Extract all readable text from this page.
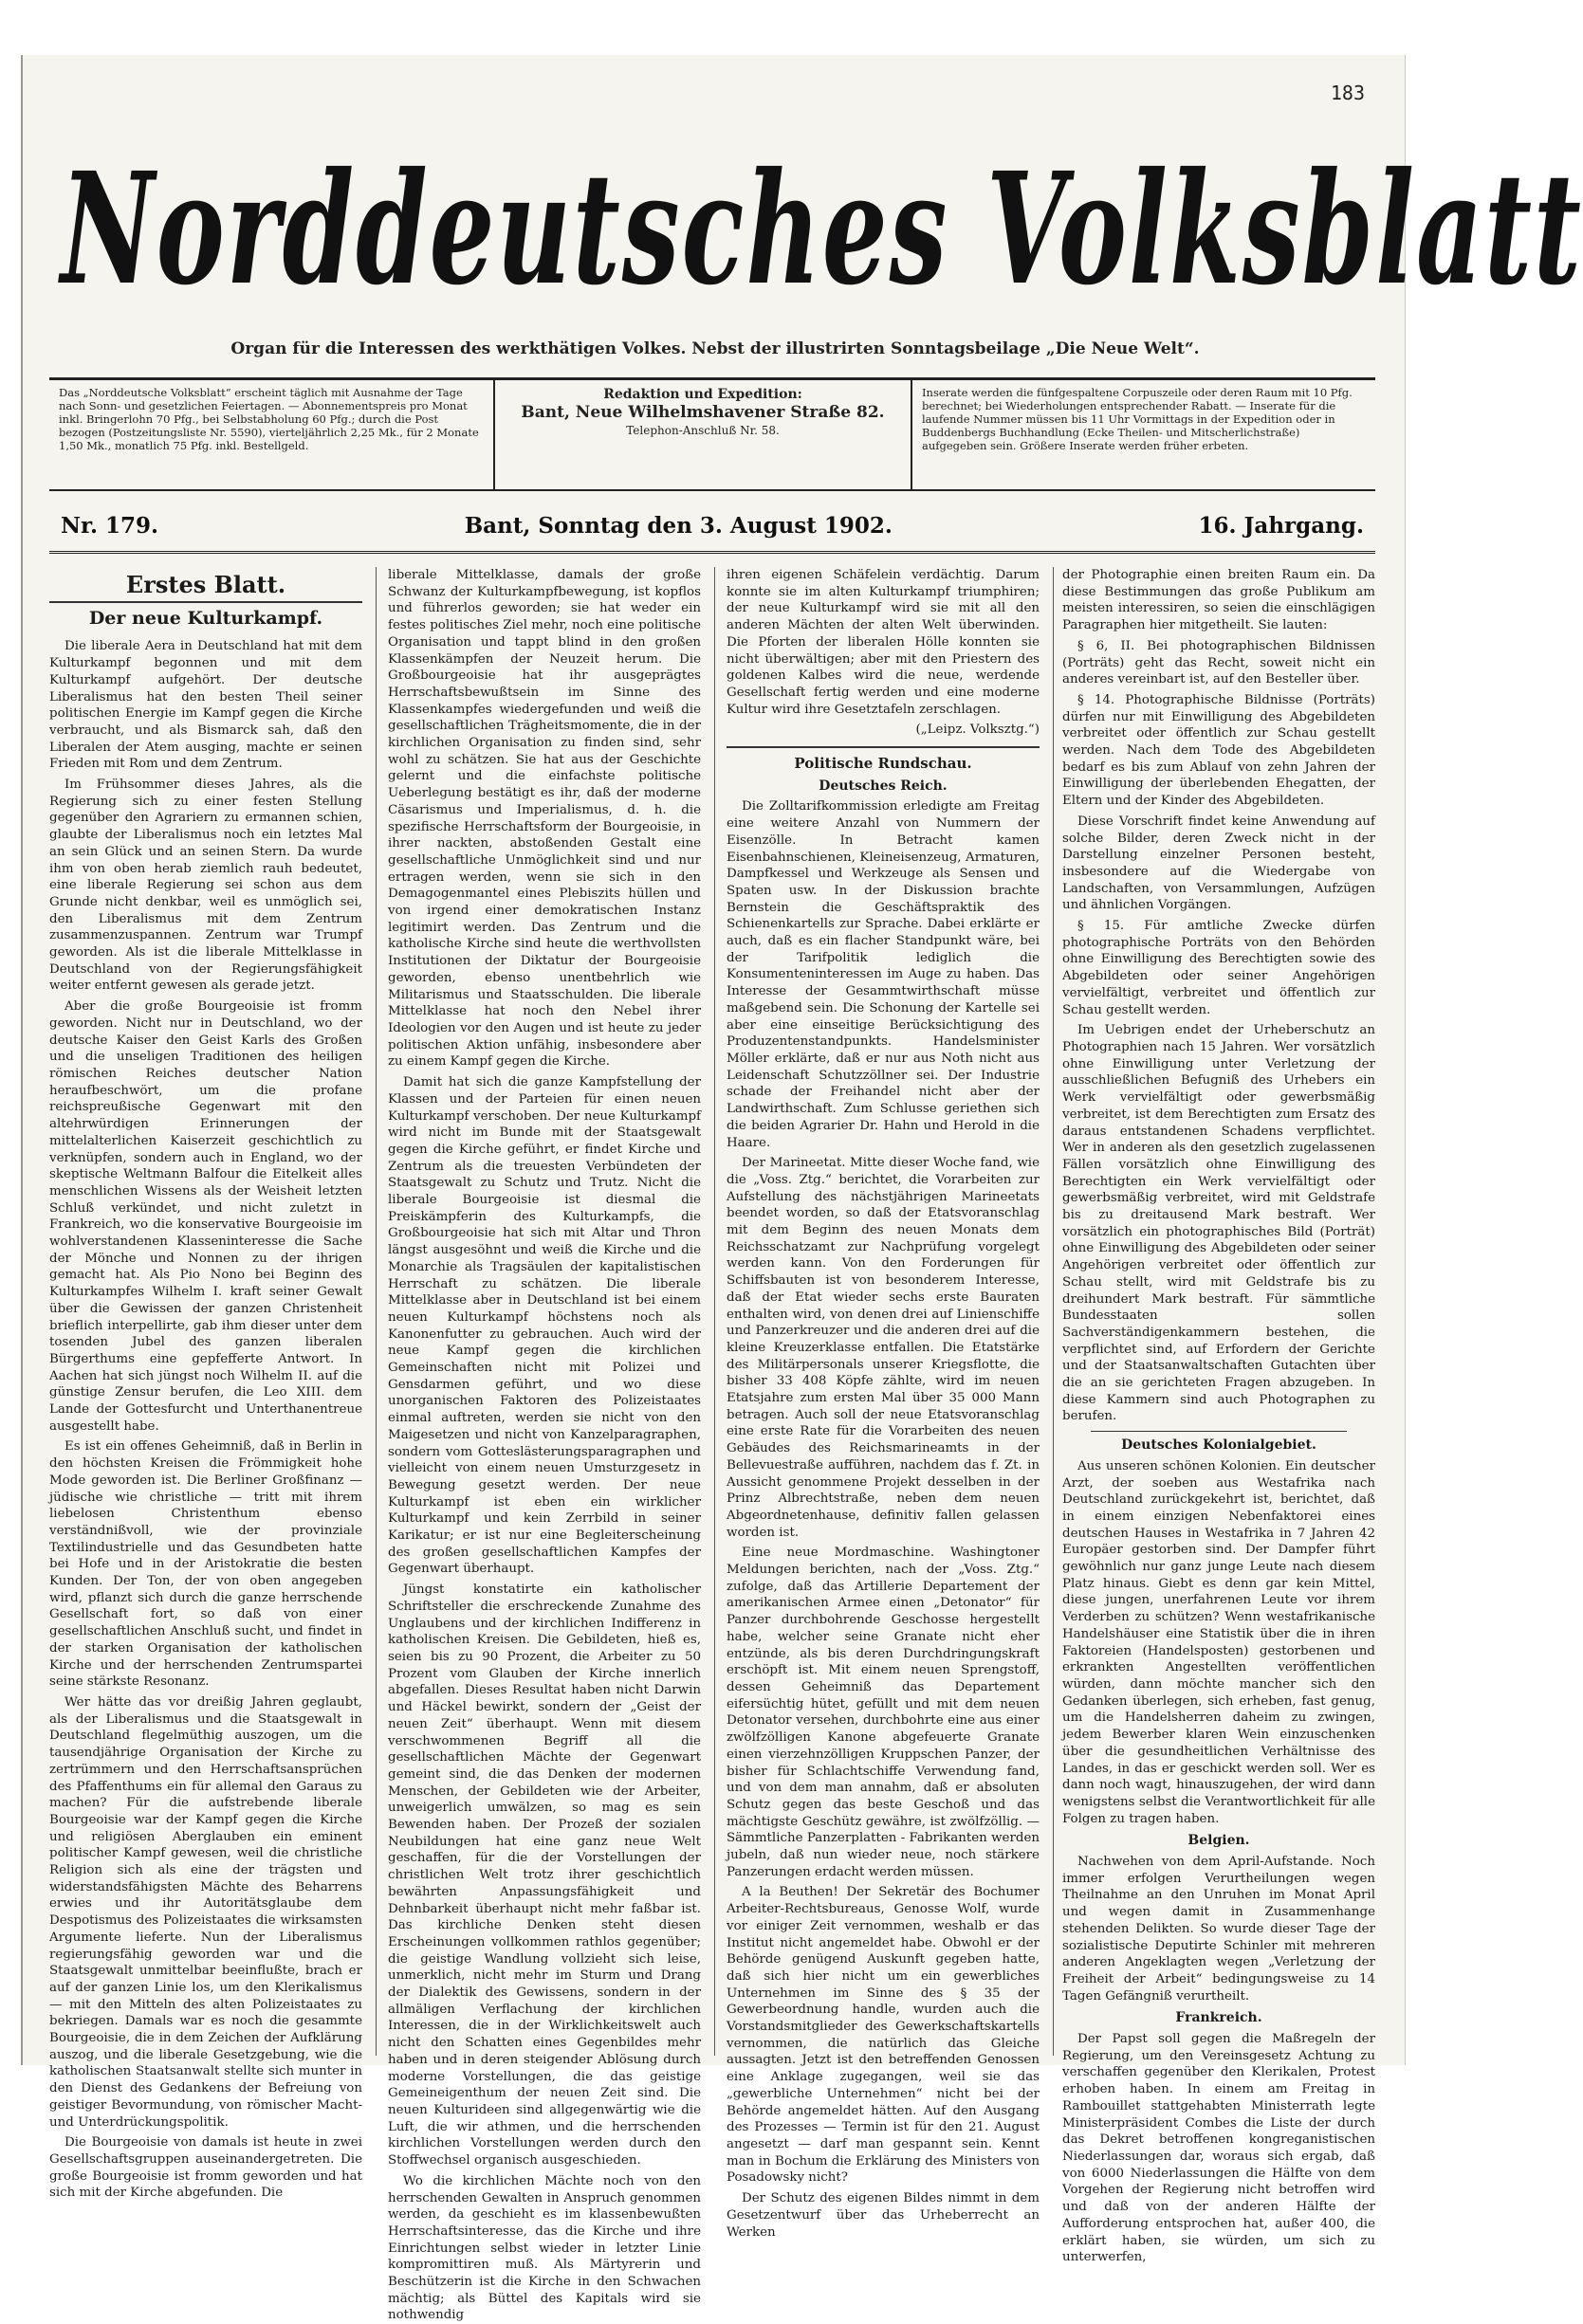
183
Norddeutsches Volksblatt
Organ für die Interessen des werkthätigen Volkes. Nebst der illustrirten Sonntagsbeilage „Die Neue Welt“.
Das „Norddeutsche Volksblatt“ erscheint täglich mit Ausnahme der Tage nach Sonn- und gesetzlichen Feiertagen. — Abonnementspreis pro Monat inkl. Bringerlohn 70 Pfg., bei Selbstabholung 60 Pfg.; durch die Post bezogen (Postzeitungsliste Nr. 5590), vierteljährlich 2,25 Mk., für 2 Monate 1,50 Mk., monatlich 75 Pfg. inkl. Bestellgeld.
Redaktion und Expedition:
Bant, Neue Wilhelmshavener Straße 82.
Telephon-Anschluß Nr. 58.
Inserate werden die fünfgespaltene Corpuszeile oder deren Raum mit 10 Pfg. berechnet; bei Wiederholungen entsprechender Rabatt. — Inserate für die laufende Nummer müssen bis 11 Uhr Vormittags in der Expedition oder in Buddenbergs Buchhandlung (Ecke Theilen- und Mitscherlichstraße) aufgegeben sein. Größere Inserate werden früher erbeten.
Nr. 179.	Bant, Sonntag den 3. August 1902.	16. Jahrgang.
Erstes Blatt.
Der neue Kulturkampf.

Die liberale Aera in Deutschland hat mit dem Kulturkampf begonnen und mit dem Kulturkampf aufgehört. Der deutsche Liberalismus hat den besten Theil seiner politischen Energie im Kampf gegen die Kirche verbraucht, und als Bismarck sah, daß den Liberalen der Atem ausging, machte er seinen Frieden mit Rom und dem Zentrum.

Im Frühsommer dieses Jahres, als die Regierung sich zu einer festen Stellung gegenüber den Agrariern zu ermannen schien, glaubte der Liberalismus noch ein letztes Mal an sein Glück und an seinen Stern. Da wurde ihm von oben herab ziemlich rauh bedeutet, eine liberale Regierung sei schon aus dem Grunde nicht denkbar, weil es unmöglich sei, den Liberalismus mit dem Zentrum zusammenzuspannen. Zentrum war Trumpf geworden. Als ist die liberale Mittelklasse in Deutschland von der Regierungsfähigkeit weiter entfernt gewesen als gerade jetzt.

Aber die große Bourgeoisie ist fromm geworden. Nicht nur in Deutschland, wo der deutsche Kaiser den Geist Karls des Großen und die unseligen Traditionen des heiligen römischen Reiches deutscher Nation heraufbeschwört, um die profane reichspreußische Gegenwart mit den altehrwürdigen Erinnerungen der mittelalterlichen Kaiserzeit geschichtlich zu verknüpfen, sondern auch in England, wo der skeptische Weltmann Balfour die Eitelkeit alles menschlichen Wissens als der Weisheit letzten Schluß verkündet, und nicht zuletzt in Frankreich, wo die konservative Bourgeoisie im wohlverstandenen Klasseninteresse die Sache der Mönche und Nonnen zu der ihrigen gemacht hat. Als Pio Nono bei Beginn des Kulturkampfes Wilhelm I. kraft seiner Gewalt über die Gewissen der ganzen Christenheit brieflich interpellirte, gab ihm dieser unter dem tosenden Jubel des ganzen liberalen Bürgerthums eine gepfefferte Antwort. In Aachen hat sich jüngst noch Wilhelm II. auf die günstige Zensur berufen, die Leo XIII. dem Lande der Gottesfurcht und Unterthanentreue ausgestellt habe.

Es ist ein offenes Geheimniß, daß in Berlin in den höchsten Kreisen die Frömmigkeit hohe Mode geworden ist. Die Berliner Großfinanz — jüdische wie christliche — tritt mit ihrem liebelosen Christenthum ebenso verständnißvoll, wie der provinziale Textilindustrielle und das Gesundbeten hatte bei Hofe und in der Aristokratie die besten Kunden. Der Ton, der von oben angegeben wird, pflanzt sich durch die ganze herrschende Gesellschaft fort, so daß von einer gesellschaftlichen Anschluß sucht, und findet in der starken Organisation der katholischen Kirche und der herrschenden Zentrumspartei seine stärkste Resonanz.

Wer hätte das vor dreißig Jahren geglaubt, als der Liberalismus und die Staatsgewalt in Deutschland flegelmüthig auszogen, um die tausendjährige Organisation der Kirche zu zertrümmern und den Herrschaftsansprüchen des Pfaffenthums ein für allemal den Garaus zu machen? Für die aufstrebende liberale Bourgeoisie war der Kampf gegen die Kirche und religiösen Aberglauben ein eminent politischer Kampf gewesen, weil die christliche Religion sich als eine der trägsten und widerstandsfähigsten Mächte des Beharrens erwies und ihr Autoritätsglaube dem Despotismus des Polizeistaates die wirksamsten Argumente lieferte. Nun der Liberalismus regierungsfähig geworden war und die Staatsgewalt unmittelbar beeinflußte, brach er auf der ganzen Linie los, um den Klerikalismus — mit den Mitteln des alten Polizeistaates zu bekriegen. Damals war es noch die gesammte Bourgeoisie, die in dem Zeichen der Aufklärung auszog, und die liberale Gesetzgebung, wie die katholischen Staatsanwalt stellte sich munter in den Dienst des Gedankens der Befreiung von geistiger Bevormundung, von römischer Macht- und Unterdrückungspolitik.

Die Bourgeoisie von damals ist heute in zwei Gesellschaftsgruppen auseinandergetreten. Die große Bourgeoisie ist fromm geworden und hat sich mit der Kirche abgefunden. Die

liberale Mittelklasse, damals der große Schwanz der Kulturkampfbewegung, ist kopflos und führerlos geworden; sie hat weder ein festes politisches Ziel mehr, noch eine politische Organisation und tappt blind in den großen Klassenkämpfen der Neuzeit herum. Die Großbourgeoisie hat ihr ausgeprägtes Herrschaftsbewußtsein im Sinne des Klassenkampfes wiedergefunden und weiß die gesellschaftlichen Trägheitsmomente, die in der kirchlichen Organisation zu finden sind, sehr wohl zu schätzen. Sie hat aus der Geschichte gelernt und die einfachste politische Ueberlegung bestätigt es ihr, daß der moderne Cäsarismus und Imperialismus, d. h. die spezifische Herrschaftsform der Bourgeoisie, in ihrer nackten, abstoßenden Gestalt eine gesellschaftliche Unmöglichkeit sind und nur ertragen werden, wenn sie sich in den Demagogenmantel eines Plebiszits hüllen und von irgend einer demokratischen Instanz legitimirt werden. Das Zentrum und die katholische Kirche sind heute die werthvollsten Institutionen der Diktatur der Bourgeoisie geworden, ebenso unentbehrlich wie Militarismus und Staatsschulden. Die liberale Mittelklasse hat noch den Nebel ihrer Ideologien vor den Augen und ist heute zu jeder politischen Aktion unfähig, insbesondere aber zu einem Kampf gegen die Kirche.

Damit hat sich die ganze Kampfstellung der Klassen und der Parteien für einen neuen Kulturkampf verschoben. Der neue Kulturkampf wird nicht im Bunde mit der Staatsgewalt gegen die Kirche geführt, er findet Kirche und Zentrum als die treuesten Verbündeten der Staatsgewalt zu Schutz und Trutz. Nicht die liberale Bourgeoisie ist diesmal die Preiskämpferin des Kulturkampfs, die Großbourgeoisie hat sich mit Altar und Thron längst ausgesöhnt und weiß die Kirche und die Monarchie als Tragsäulen der kapitalistischen Herrschaft zu schätzen. Die liberale Mittelklasse aber in Deutschland ist bei einem neuen Kulturkampf höchstens noch als Kanonenfutter zu gebrauchen. Auch wird der neue Kampf gegen die kirchlichen Gemeinschaften nicht mit Polizei und Gensdarmen geführt, und wo diese unorganischen Faktoren des Polizeistaates einmal auftreten, werden sie nicht von den Maigesetzen und nicht von Kanzelparagraphen, sondern vom Gotteslästerungsparagraphen und vielleicht von einem neuen Umsturzgesetz in Bewegung gesetzt werden. Der neue Kulturkampf ist eben ein wirklicher Kulturkampf und kein Zerrbild in seiner Karikatur; er ist nur eine Begleiterscheinung des großen gesellschaftlichen Kampfes der Gegenwart überhaupt.

Jüngst konstatirte ein katholischer Schriftsteller die erschreckende Zunahme des Unglaubens und der kirchlichen Indifferenz in katholischen Kreisen. Die Gebildeten, hieß es, seien bis zu 90 Prozent, die Arbeiter zu 50 Prozent vom Glauben der Kirche innerlich abgefallen. Dieses Resultat haben nicht Darwin und Häckel bewirkt, sondern der „Geist der neuen Zeit“ überhaupt. Wenn mit diesem verschwommenen Begriff all die gesellschaftlichen Mächte der Gegenwart gemeint sind, die das Denken der modernen Menschen, der Gebildeten wie der Arbeiter, unweigerlich umwälzen, so mag es sein Bewenden haben. Der Prozeß der sozialen Neubildungen hat eine ganz neue Welt geschaffen, für die der Vorstellungen der christlichen Welt trotz ihrer geschichtlich bewährten Anpassungsfähigkeit und Dehnbarkeit überhaupt nicht mehr faßbar ist. Das kirchliche Denken steht diesen Erscheinungen vollkommen rathlos gegenüber; die geistige Wandlung vollzieht sich leise, unmerklich, nicht mehr im Sturm und Drang der Dialektik des Gewissens, sondern in der allmäligen Verflachung der kirchlichen Interessen, die in der Wirklichkeitswelt auch nicht den Schatten eines Gegenbildes mehr haben und in deren steigender Ablösung durch moderne Vorstellungen, die das geistige Gemeineigenthum der neuen Zeit sind. Die neuen Kulturideen sind allgegenwärtig wie die Luft, die wir athmen, und die herrschenden kirchlichen Vorstellungen werden durch den Stoffwechsel organisch ausgeschieden.

Wo die kirchlichen Mächte noch von den herrschenden Gewalten in Anspruch genommen werden, da geschieht es im klassenbewußten Herrschaftsinteresse, das die Kirche und ihre Einrichtungen selbst wieder in letzter Linie kompromittiren muß. Als Märtyrerin und Beschützerin ist die Kirche in den Schwachen mächtig; als Büttel des Kapitals wird sie nothwendig

ihren eigenen Schäfelein verdächtig. Darum konnte sie im alten Kulturkampf triumphiren; der neue Kulturkampf wird sie mit all den anderen Mächten der alten Welt überwinden. Die Pforten der liberalen Hölle konnten sie nicht überwältigen; aber mit den Priestern des goldenen Kalbes wird die neue, werdende Gesellschaft fertig werden und eine moderne Kultur wird ihre Gesetztafeln zerschlagen.

(„Leipz. Volksztg.“)
Politische Rundschau.
Deutsches Reich.

Die Zolltarifkommission erledigte am Freitag eine weitere Anzahl von Nummern der Eisenzölle. In Betracht kamen Eisenbahnschienen, Kleineisenzeug, Armaturen, Dampfkessel und Werkzeuge als Sensen und Spaten usw. In der Diskussion brachte Bernstein die Geschäftspraktik des Schienenkartells zur Sprache. Dabei erklärte er auch, daß es ein flacher Standpunkt wäre, bei der Tarifpolitik lediglich die Konsumenteninteressen im Auge zu haben. Das Interesse der Gesammtwirthschaft müsse maßgebend sein. Die Schonung der Kartelle sei aber eine einseitige Berücksichtigung des Produzentenstandpunkts. Handelsminister Möller erklärte, daß er nur aus Noth nicht aus Leidenschaft Schutzzöllner sei. Der Industrie schade der Freihandel nicht aber der Landwirthschaft. Zum Schlusse geriethen sich die beiden Agrarier Dr. Hahn und Herold in die Haare.

Der Marineetat. Mitte dieser Woche fand, wie die „Voss. Ztg.“ berichtet, die Vorarbeiten zur Aufstellung des nächstjährigen Marineetats beendet worden, so daß der Etatsvoranschlag mit dem Beginn des neuen Monats dem Reichsschatzamt zur Nachprüfung vorgelegt werden kann. Von den Forderungen für Schiffsbauten ist von besonderem Interesse, daß der Etat wieder sechs erste Bauraten enthalten wird, von denen drei auf Linienschiffe und Panzerkreuzer und die anderen drei auf die kleine Kreuzerklasse entfallen. Die Etatstärke des Militärpersonals unserer Kriegsflotte, die bisher 33 408 Köpfe zählte, wird im neuen Etatsjahre zum ersten Mal über 35 000 Mann betragen. Auch soll der neue Etatsvoranschlag eine erste Rate für die Vorarbeiten des neuen Gebäudes des Reichsmarineamts in der Bellevuestraße aufführen, nachdem das f. Zt. in Aussicht genommene Projekt desselben in der Prinz Albrechtstraße, neben dem neuen Abgeordnetenhause, definitiv fallen gelassen worden ist.

Eine neue Mordmaschine. Washingtoner Meldungen berichten, nach der „Voss. Ztg.“ zufolge, daß das Artillerie Departement der amerikanischen Armee einen „Detonator“ für Panzer durchbohrende Geschosse hergestellt habe, welcher seine Granate nicht eher entzünde, als bis deren Durchdringungskraft erschöpft ist. Mit einem neuen Sprengstoff, dessen Geheimniß das Departement eifersüchtig hütet, gefüllt und mit dem neuen Detonator versehen, durchbohrte eine aus einer zwölfzölligen Kanone abgefeuerte Granate einen vierzehnzölligen Kruppschen Panzer, der bisher für Schlachtschiffe Verwendung fand, und von dem man annahm, daß er absoluten Schutz gegen das beste Geschoß und das mächtigste Geschütz gewähre, ist zwölfzöllig. — Sämmtliche Panzerplatten - Fabrikanten werden jubeln, daß nun wieder neue, noch stärkere Panzerungen erdacht werden müssen.

A la Beuthen! Der Sekretär des Bochumer Arbeiter-Rechtsbureaus, Genosse Wolf, wurde vor einiger Zeit vernommen, weshalb er das Institut nicht angemeldet habe. Obwohl er der Behörde genügend Auskunft gegeben hatte, daß sich hier nicht um ein gewerbliches Unternehmen im Sinne des § 35 der Gewerbeordnung handle, wurden auch die Vorstandsmitglieder des Gewerkschaftskartells vernommen, die natürlich das Gleiche aussagten. Jetzt ist den betreffenden Genossen eine Anklage zugegangen, weil sie das „gewerbliche Unternehmen“ nicht bei der Behörde angemeldet hätten. Auf den Ausgang des Prozesses — Termin ist für den 21. August angesetzt — darf man gespannt sein. Kennt man in Bochum die Erklärung des Ministers von Posadowsky nicht?

Der Schutz des eigenen Bildes nimmt in dem Gesetzentwurf über das Urheberrecht an Werken

der Photographie einen breiten Raum ein. Da diese Bestimmungen das große Publikum am meisten interessiren, so seien die einschlägigen Paragraphen hier mitgetheilt. Sie lauten:

§ 6, II. Bei photographischen Bildnissen (Porträts) geht das Recht, soweit nicht ein anderes vereinbart ist, auf den Besteller über.

§ 14. Photographische Bildnisse (Porträts) dürfen nur mit Einwilligung des Abgebildeten verbreitet oder öffentlich zur Schau gestellt werden. Nach dem Tode des Abgebildeten bedarf es bis zum Ablauf von zehn Jahren der Einwilligung der überlebenden Ehegatten, der Eltern und der Kinder des Abgebildeten.

Diese Vorschrift findet keine Anwendung auf solche Bilder, deren Zweck nicht in der Darstellung einzelner Personen besteht, insbesondere auf die Wiedergabe von Landschaften, von Versammlungen, Aufzügen und ähnlichen Vorgängen.

§ 15. Für amtliche Zwecke dürfen photographische Porträts von den Behörden ohne Einwilligung des Berechtigten sowie des Abgebildeten oder seiner Angehörigen vervielfältigt, verbreitet und öffentlich zur Schau gestellt werden.

Im Uebrigen endet der Urheberschutz an Photographien nach 15 Jahren. Wer vorsätzlich ohne Einwilligung unter Verletzung der ausschließlichen Befugniß des Urhebers ein Werk vervielfältigt oder gewerbsmäßig verbreitet, ist dem Berechtigten zum Ersatz des daraus entstandenen Schadens verpflichtet. Wer in anderen als den gesetzlich zugelassenen Fällen vorsätzlich ohne Einwilligung des Berechtigten ein Werk vervielfältigt oder gewerbsmäßig verbreitet, wird mit Geldstrafe bis zu dreitausend Mark bestraft. Wer vorsätzlich ein photographisches Bild (Porträt) ohne Einwilligung des Abgebildeten oder seiner Angehörigen verbreitet oder öffentlich zur Schau stellt, wird mit Geldstrafe bis zu dreihundert Mark bestraft. Für sämmtliche Bundesstaaten sollen Sachverständigenkammern bestehen, die verpflichtet sind, auf Erfordern der Gerichte und der Staatsanwaltschaften Gutachten über die an sie gerichteten Fragen abzugeben. In diese Kammern sind auch Photographen zu berufen.

Deutsches Kolonialgebiet.

Aus unseren schönen Kolonien. Ein deutscher Arzt, der soeben aus Westafrika nach Deutschland zurückgekehrt ist, berichtet, daß in einem einzigen Nebenfaktorei eines deutschen Hauses in Westafrika in 7 Jahren 42 Europäer gestorben sind. Der Dampfer führt gewöhnlich nur ganz junge Leute nach diesem Platz hinaus. Giebt es denn gar kein Mittel, diese jungen, unerfahrenen Leute vor ihrem Verderben zu schützen? Wenn westafrikanische Handelshäuser eine Statistik über die in ihren Faktoreien (Handelsposten) gestorbenen und erkrankten Angestellten veröffentlichen würden, dann möchte mancher sich den Gedanken überlegen, sich erheben, fast genug, um die Handelsherren daheim zu zwingen, jedem Bewerber klaren Wein einzuschenken über die gesundheitlichen Verhältnisse des Landes, in das er geschickt werden soll. Wer es dann noch wagt, hinauszugehen, der wird dann wenigstens selbst die Verantwortlichkeit für alle Folgen zu tragen haben.

Belgien.

Nachwehen von dem April-Aufstande. Noch immer erfolgen Verurtheilungen wegen Theilnahme an den Unruhen im Monat April und wegen damit in Zusammenhange stehenden Delikten. So wurde dieser Tage der sozialistische Deputirte Schinler mit mehreren anderen Angeklagten wegen „Verletzung der Freiheit der Arbeit“ bedingungsweise zu 14 Tagen Gefängniß verurtheilt.

Frankreich.

Der Papst soll gegen die Maßregeln der Regierung, um den Vereinsgesetz Achtung zu verschaffen gegenüber den Klerikalen, Protest erhoben haben. In einem am Freitag in Rambouillet stattgehabten Ministerrath legte Ministerpräsident Combes die Liste der durch das Dekret betroffenen kongreganistischen Niederlassungen dar, woraus sich ergab, daß von 6000 Niederlassungen die Hälfte von dem Vorgehen der Regierung nicht betroffen wird und daß von der anderen Hälfte der Aufforderung entsprochen hat, außer 400, die erklärt haben, sie würden, um sich zu unterwerfen,
